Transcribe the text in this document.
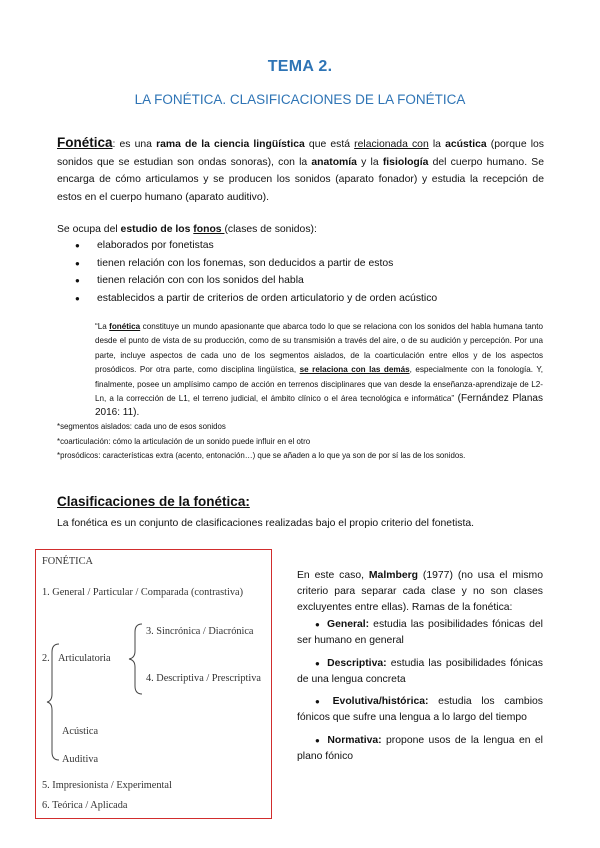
TEMA 2.
LA FONÉTICA. CLASIFICACIONES DE LA FONÉTICA
Fonética: es una rama de la ciencia lingüística que está relacionada con la acústica (porque los sonidos que se estudian son ondas sonoras), con la anatomía y la fisiología del cuerpo humano. Se encarga de cómo articulamos y se producen los sonidos (aparato fonador) y estudia la recepción de estos en el cuerpo humano (aparato auditivo).
Se ocupa del estudio de los fonos (clases de sonidos):
● elaborados por fonetistas
● tienen relación con los fonemas, son deducidos a partir de estos
● tienen relación con con los sonidos del habla
● establecidos a partir de criterios de orden articulatorio y de orden acústico
“La fonética constituye un mundo apasionante que abarca todo lo que se relaciona con los sonidos del habla humana tanto desde el punto de vista de su producción, como de su transmisión a través del aire, o de su audición y percepción. Por una parte, incluye aspectos de cada uno de los segmentos aislados, de la coarticulación entre ellos y de los aspectos prosódicos. Por otra parte, como disciplina lingüística, se relaciona con las demás, especialmente con la fonología. Y, finalmente, posee un amplísimo campo de acción en terrenos disciplinares que van desde la enseñanza-aprendizaje de L2-Ln, a la corrección de L1, el terreno judicial, el ámbito clínico o el área tecnológica e informática” (Fernández Planas 2016: 11).
*segmentos aislados: cada uno de esos sonidos
*coarticulación: cómo la articulación de un sonido puede influir en el otro
*prosódicos: características extra (acento, entonación…) que se añaden a lo que ya son de por sí las de los sonidos.
Clasificaciones de la fonética:
La fonética es un conjunto de clasificaciones realizadas bajo el propio criterio del fonetista.
FONÉTICA
1. General / Particular / Comparada (contrastiva)
2. Articulatoria
3. Sincrónica / Diacrónica
4. Descriptiva / Prescriptiva
Acústica
Auditiva
5. Impresionista / Experimental
6. Teórica / Aplicada
En este caso, Malmberg (1977) (no usa el mismo criterio para separar cada clase y no son clases excluyentes entre ellas). Ramas de la fonética:
● General: estudia las posibilidades fónicas del ser humano en general
● Descriptiva: estudia las posibilidades fónicas de una lengua concreta
● Evolutiva/histórica: estudia los cambios fónicos que sufre una lengua a lo largo del tiempo
● Normativa: propone usos de la lengua en el plano fónico
